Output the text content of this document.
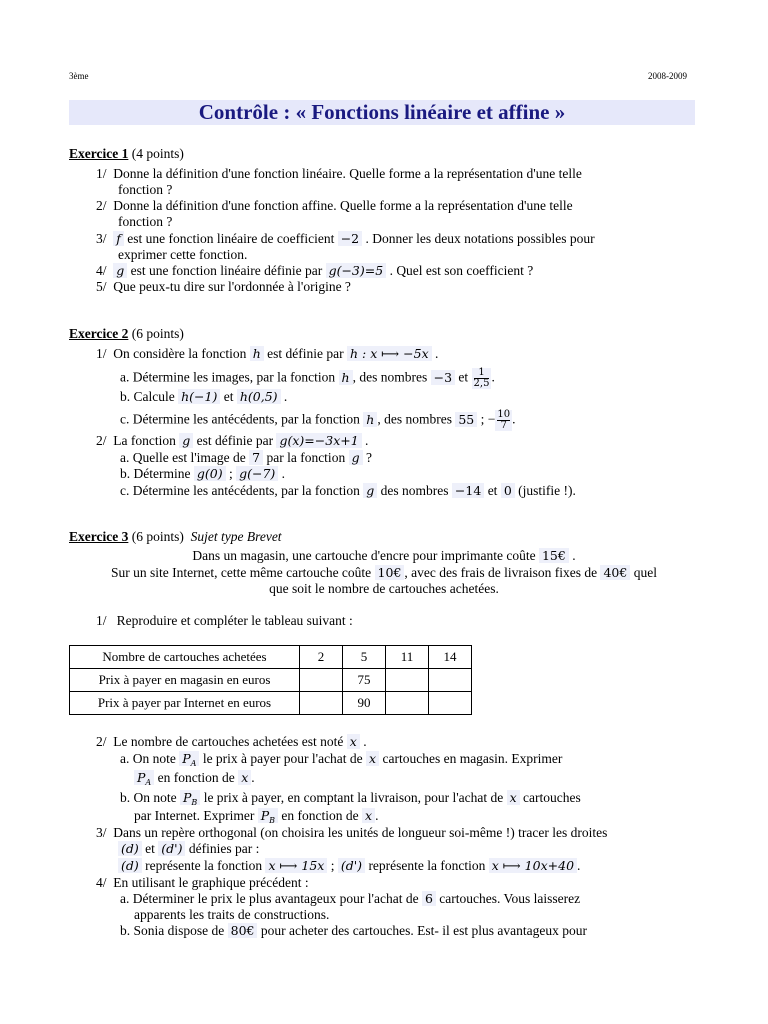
3ème	2008-2009
Contrôle : « Fonctions linéaire et affine »
Exercice 1 (4 points)
1/ Donne la définition d'une fonction linéaire. Quelle forme a la représentation d'une telle
fonction ?
2/ Donne la définition d'une fonction affine. Quelle forme a la représentation d'une telle
fonction ?
3/ f est une fonction linéaire de coefficient −2 . Donner les deux notations possibles pour
exprimer cette fonction.
4/ g est une fonction linéaire définie par g(−3)=5 . Quel est son coefficient ?
5/ Que peux-tu dire sur l'ordonnée à l'origine ?
Exercice 2 (6 points)
1/ On considère la fonction h est définie par h : x ⟼ −5x .
a. Détermine les images, par la fonction h , des nombres −3 et $\frac{1}{2,5}$ .
b. Calcule h(−1) et h(0,5) .
c. Détermine les antécédents, par la fonction h , des nombres 55 ; − $\frac{10}{7}$ .
2/ La fonction g est définie par g(x)=−3x+1 .
a. Quelle est l'image de 7 par la fonction g ?
b. Détermine g(0) ; g(−7) .
c. Détermine les antécédents, par la fonction g des nombres −14 et 0 (justifie !).
Exercice 3 (6 points) Sujet type Brevet
Dans un magasin, une cartouche d'encre pour imprimante coûte 15€ .
Sur un site Internet, cette même cartouche coûte 10€ , avec des frais de livraison fixes de 40€ quel
que soit le nombre de cartouches achetées.
1/ Reproduire et compléter le tableau suivant :
Nombre de cartouches achetées	2	5	11	14
Prix à payer en magasin en euros		75		
Prix à payer par Internet en euros		90		
2/ Le nombre de cartouches achetées est noté x .
a. On note $P_A$ le prix à payer pour l'achat de x cartouches en magasin. Exprimer
$P_A$ en fonction de x .
b. On note $P_B$ le prix à payer, en comptant la livraison, pour l'achat de x cartouches
par Internet. Exprimer $P_B$ en fonction de x .
3/ Dans un repère orthogonal (on choisira les unités de longueur soi-même !) tracer les droites
(d) et (d') définies par :
(d) représente la fonction x ⟼ 15x ; (d') représente la fonction x ⟼ 10x+40 .
4/ En utilisant le graphique précédent :
a. Déterminer le prix le plus avantageux pour l'achat de 6 cartouches. Vous laisserez
apparents les traits de constructions.
b. Sonia dispose de 80€ pour acheter des cartouches. Est- il est plus avantageux pour
